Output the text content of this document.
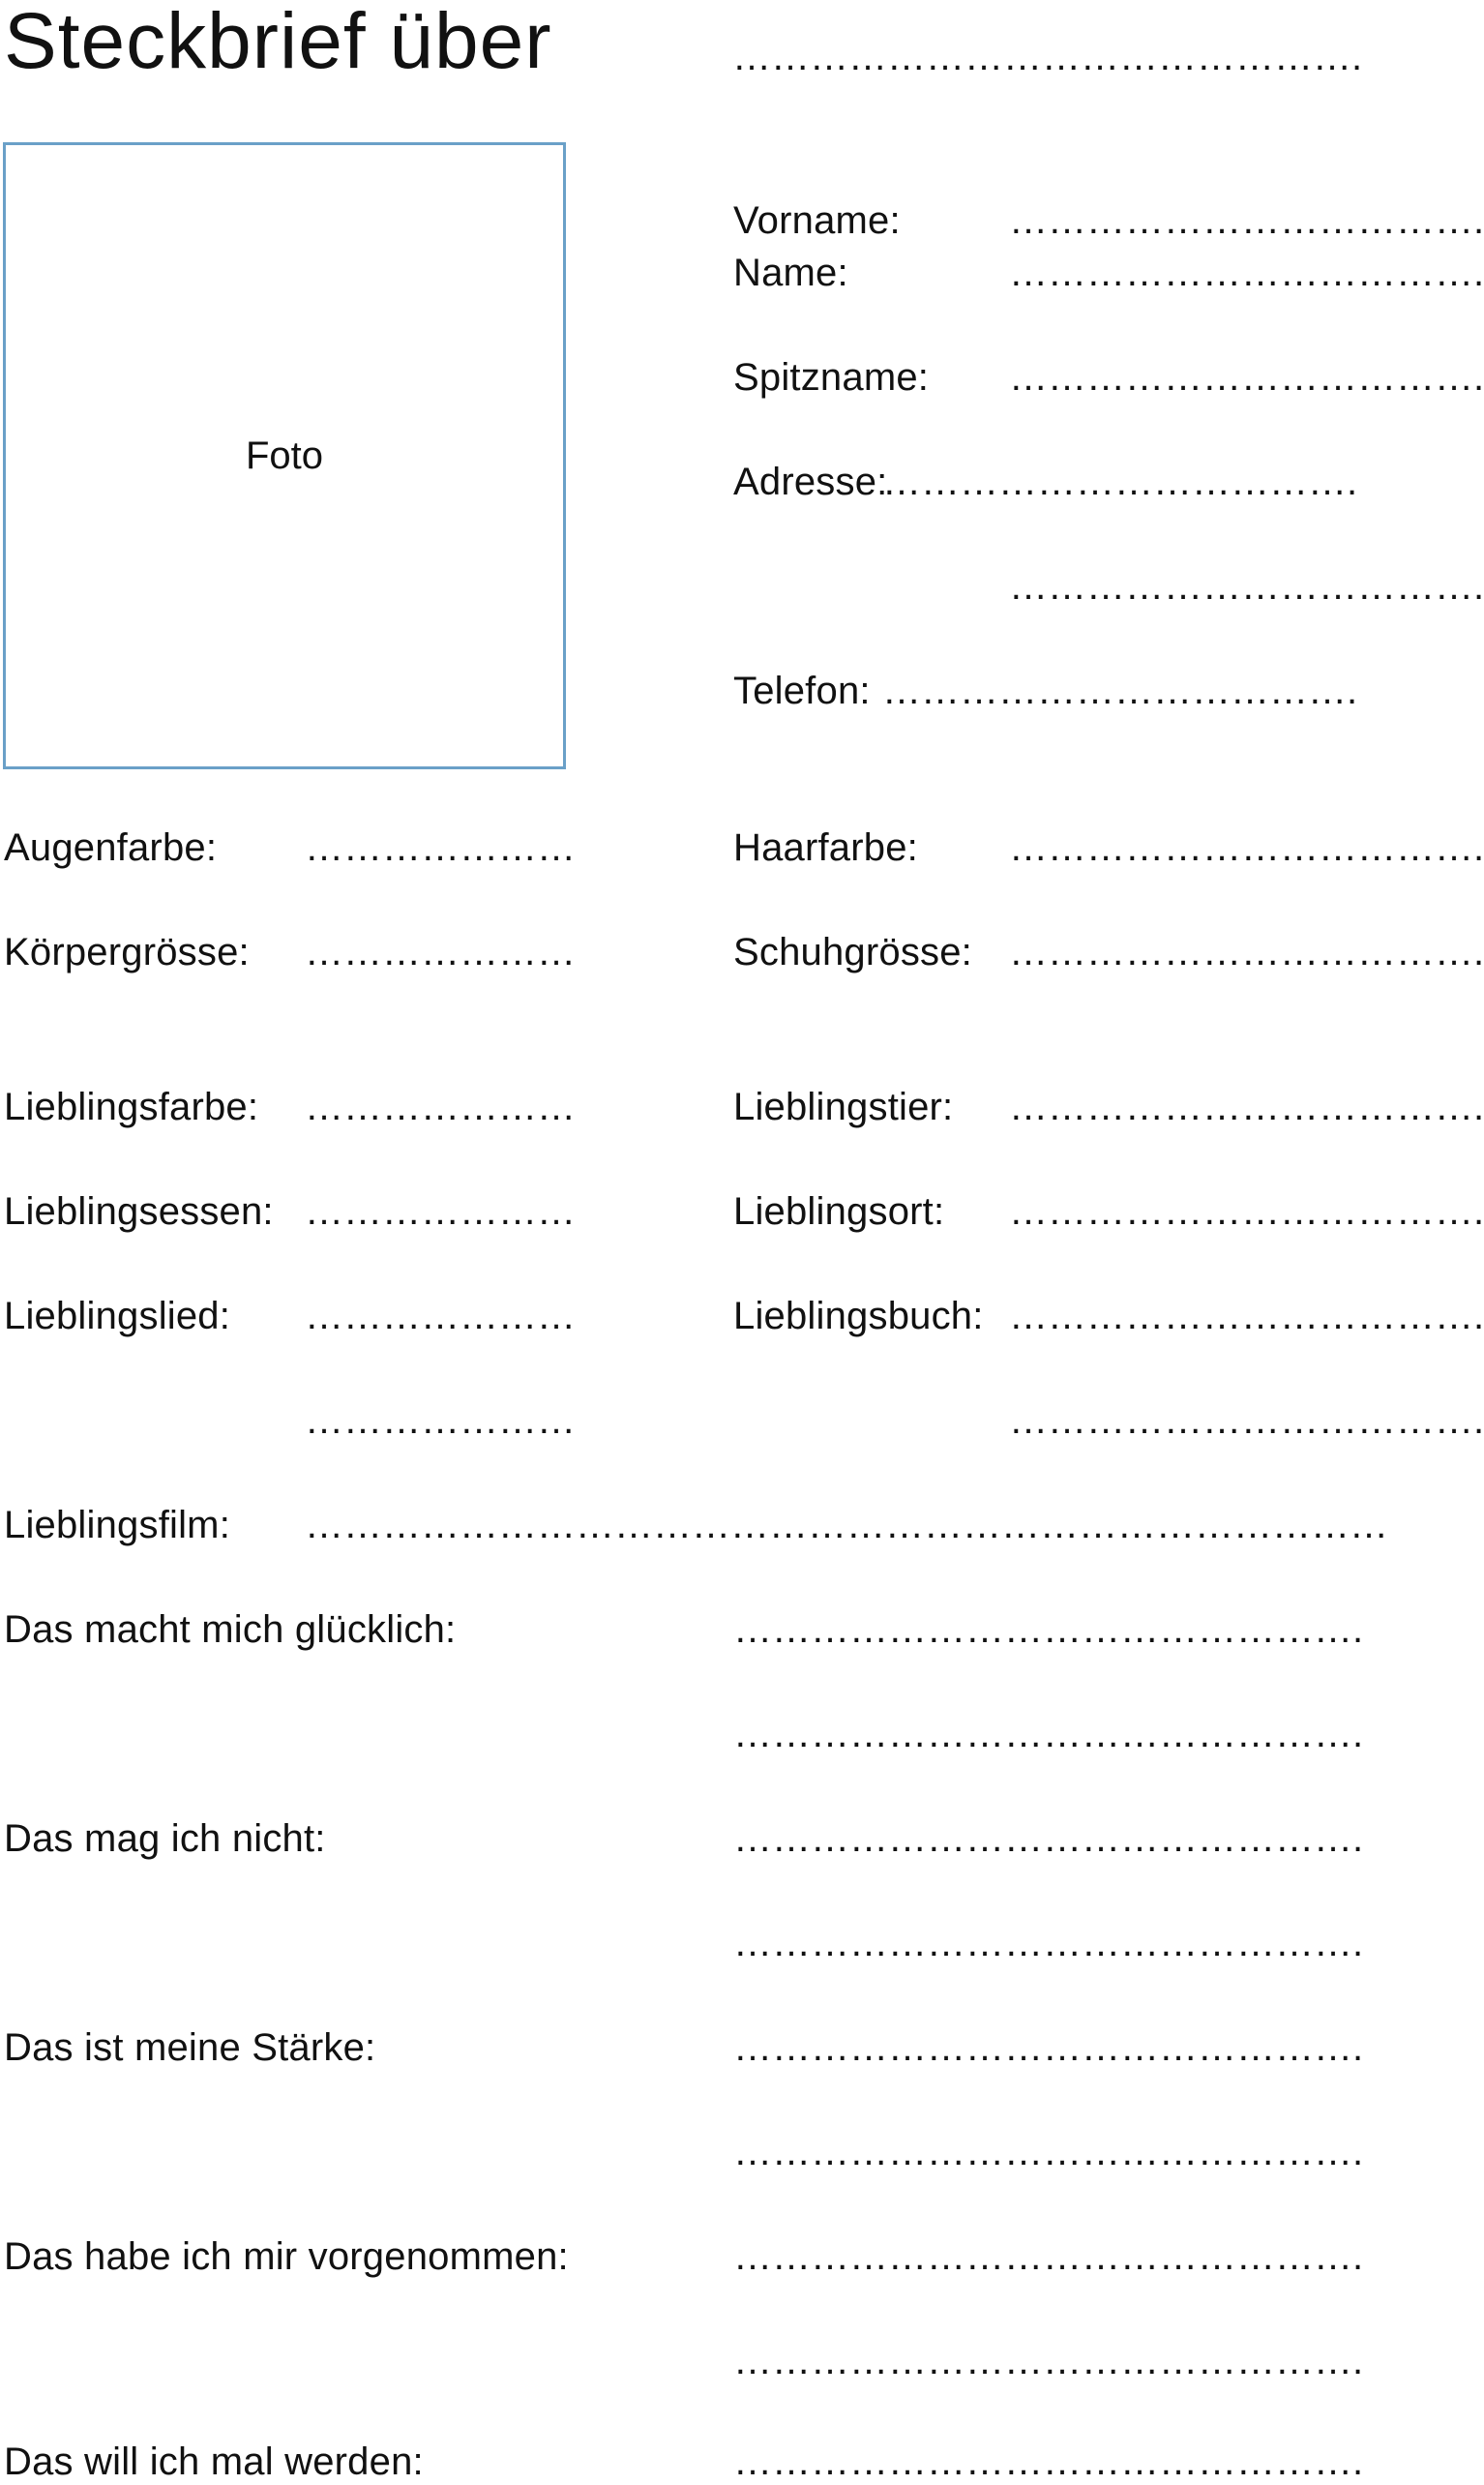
Steckbrief über	………………………………………….
Foto
Vorname:	……………………………….
Name:	……………………………….
Spitzname: ……………………………….
Adresse:
……………………………….
……………………………….
Telefon: ……………………………….
Augenfarbe: …………………	Haarfarbe: ……………………………….
Körpergrösse: …………………	Schuhgrösse: ……………………………….
Lieblingsfarbe: …………………	Lieblingstier: ……………………………….
Lieblingsessen: …………………	Lieblingsort: ……………………………….
Lieblingslied: …………………	Lieblingsbuch: ……………………………….
…………………	……………………………….
Lieblingsfilm: …………………………………………………………………………
Das macht mich glücklich:	………………………………………….
………………………………………….
Das mag ich nicht:	………………………………………….
………………………………………….
Das ist meine Stärke:	………………………………………….
………………………………………….
Das habe ich mir vorgenommen:	………………………………………….
………………………………………….
Das will ich mal werden:	………………………………………….
